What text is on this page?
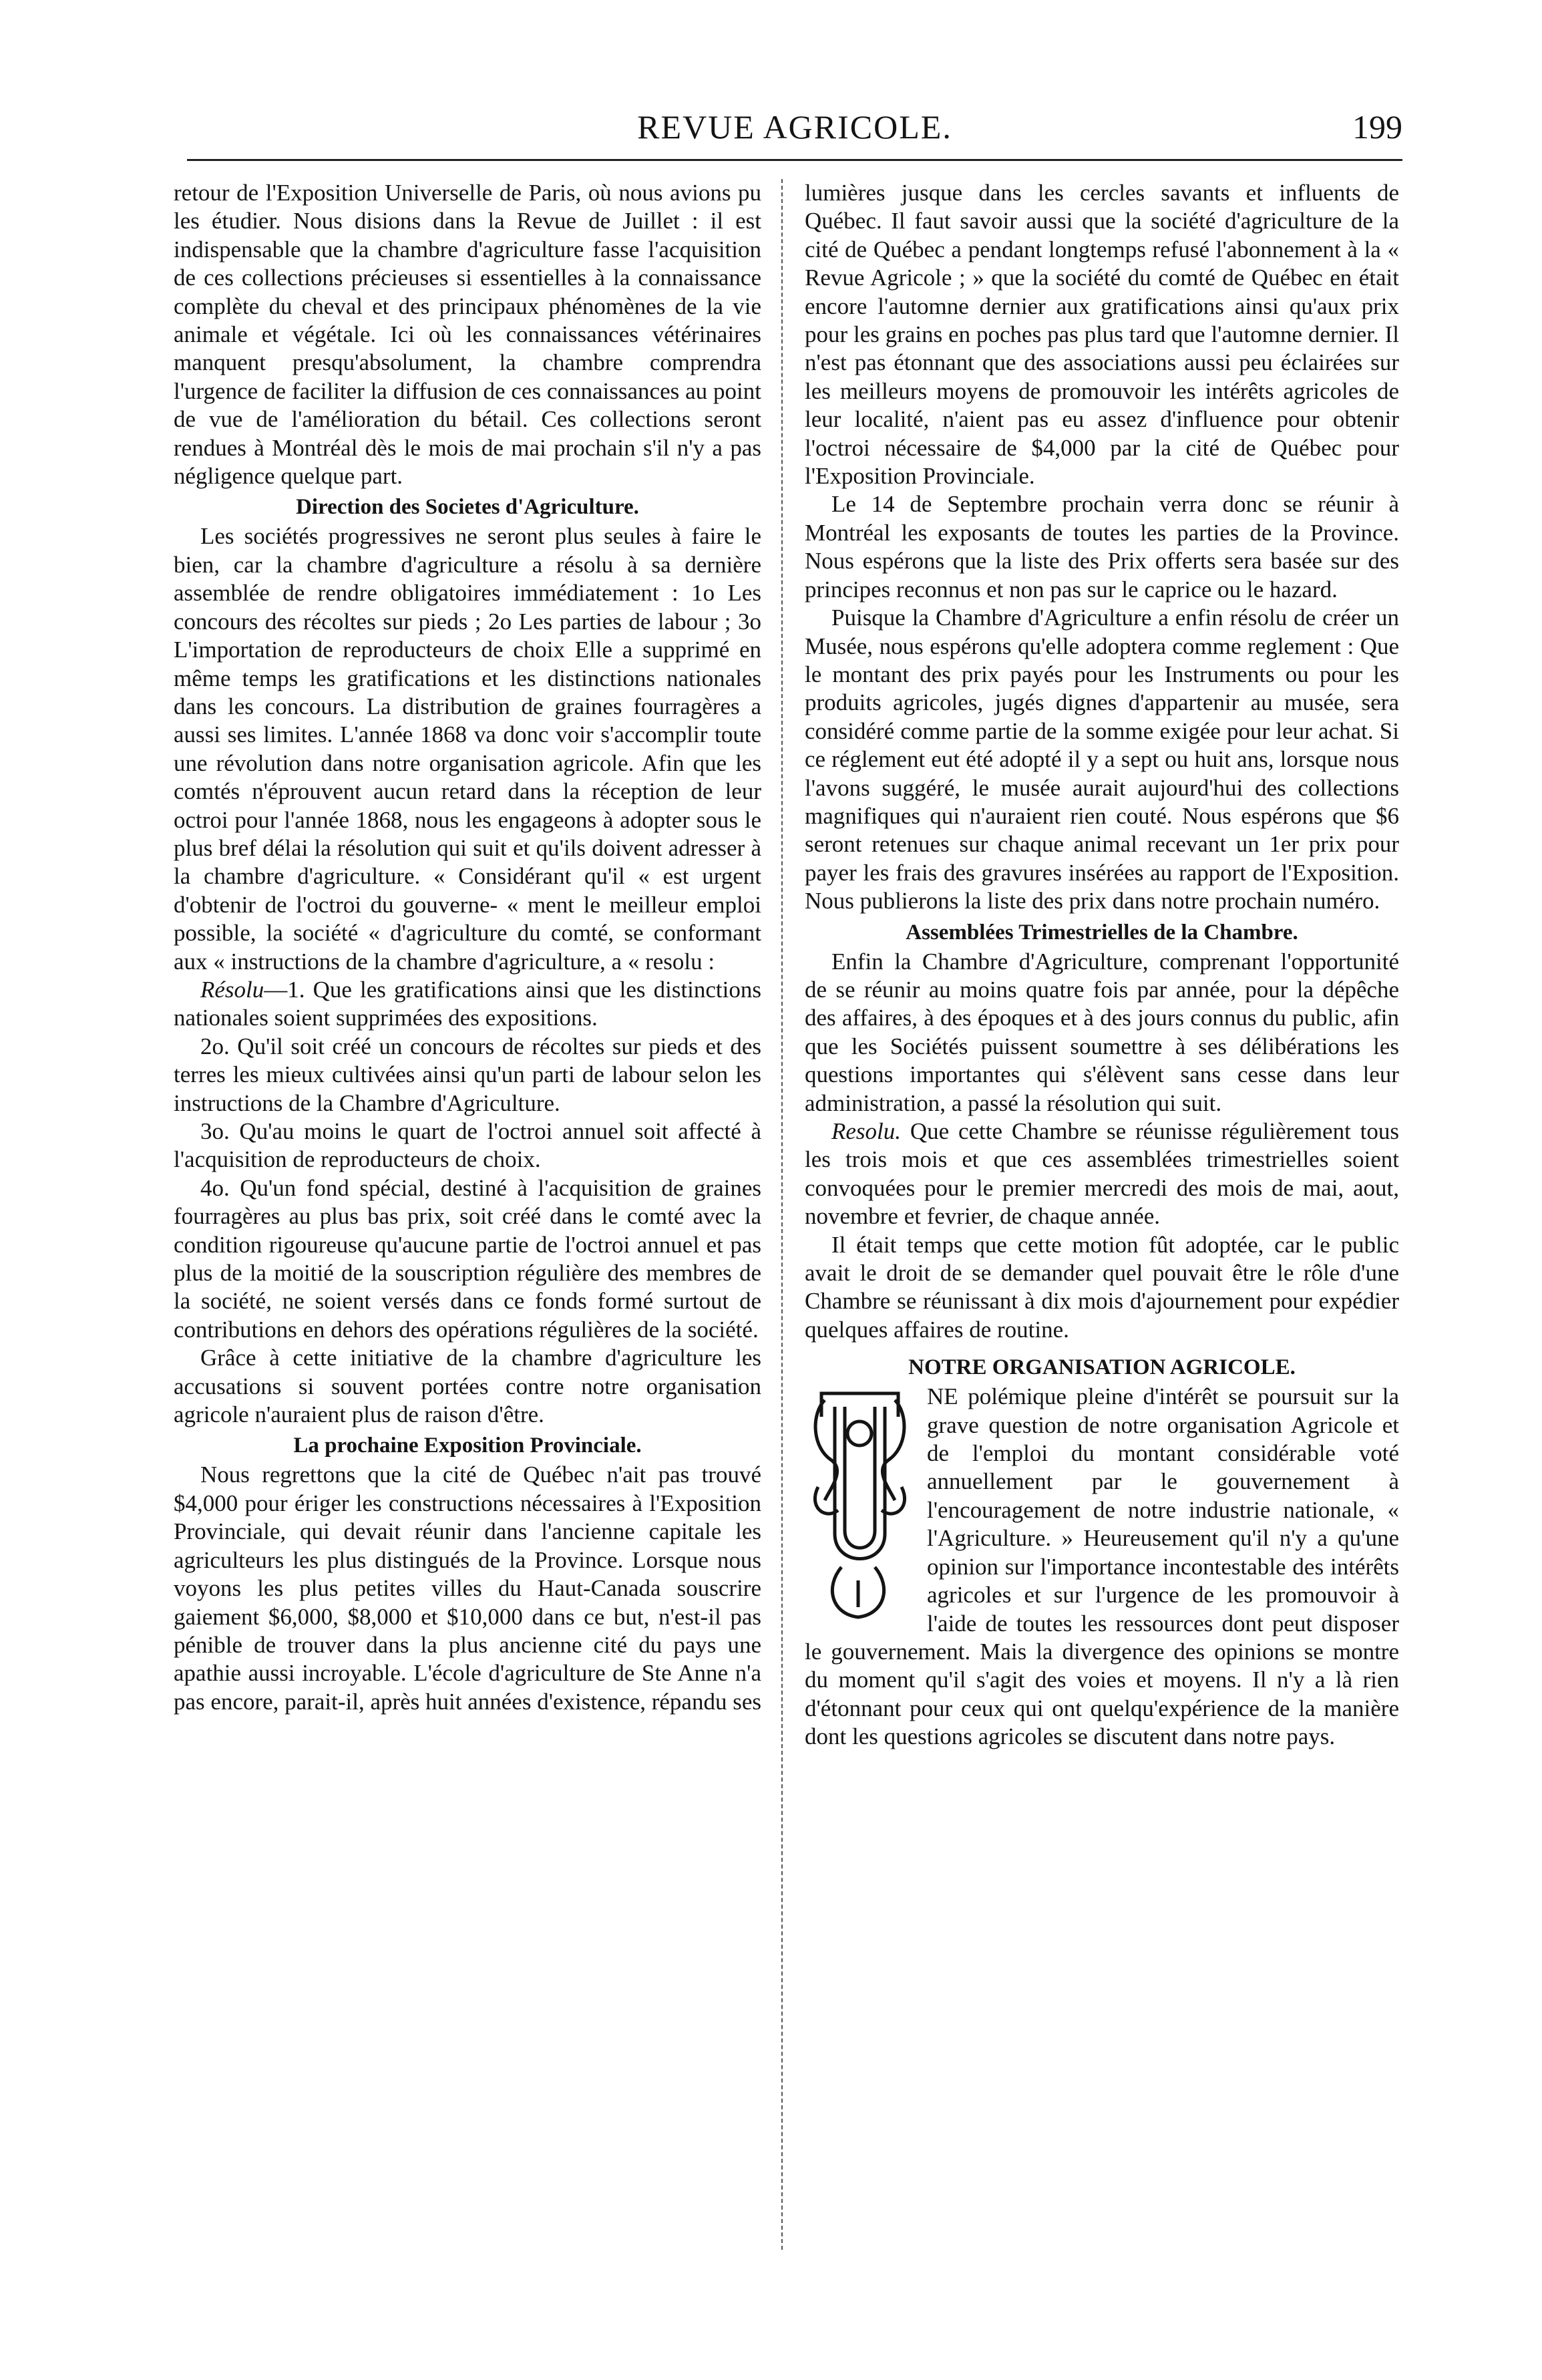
REVUE AGRICOLE.	199

retour de l'Exposition Universelle de Paris, où nous avions pu les étudier. Nous disions dans la Revue de Juillet : il est indispensable que la chambre d'agriculture fasse l'acquisition de ces collections précieuses si essentielles à la connaissance complète du cheval et des principaux phénomènes de la vie animale et végétale. Ici où les connaissances vétérinaires manquent presqu'absolument, la chambre comprendra l'urgence de faciliter la diffusion de ces connaissances au point de vue de l'amélioration du bétail. Ces collections seront rendues à Montréal dès le mois de mai prochain s'il n'y a pas négligence quelque part.

Direction des Societes d'Agriculture.

Les sociétés progressives ne seront plus seules à faire le bien, car la chambre d'agriculture a résolu à sa dernière assemblée de rendre obligatoires immédiatement : 1o Les concours des récoltes sur pieds ; 2o Les parties de labour ; 3o L'importation de reproducteurs de choix Elle a supprimé en même temps les gratifications et les distinctions nationales dans les concours. La distribution de graines fourragères a aussi ses limites. L'année 1868 va donc voir s'accomplir toute une révolution dans notre organisation agricole. Afin que les comtés n'éprouvent aucun retard dans la réception de leur octroi pour l'année 1868, nous les engageons à adopter sous le plus bref délai la résolution qui suit et qu'ils doivent adresser à la chambre d'agriculture. « Considérant qu'il « est urgent d'obtenir de l'octroi du gouverne- « ment le meilleur emploi possible, la société « d'agriculture du comté, se conformant aux « instructions de la chambre d'agriculture, a « resolu :

Résolu—1. Que les gratifications ainsi que les distinctions nationales soient supprimées des expositions.

2o. Qu'il soit créé un concours de récoltes sur pieds et des terres les mieux cultivées ainsi qu'un parti de labour selon les instructions de la Chambre d'Agriculture.

3o. Qu'au moins le quart de l'octroi annuel soit affecté à l'acquisition de reproducteurs de choix.

4o. Qu'un fond spécial, destiné à l'acquisition de graines fourragères au plus bas prix, soit créé dans le comté avec la condition rigoureuse qu'aucune partie de l'octroi annuel et pas plus de la moitié de la souscription régulière des membres de la société, ne soient versés dans ce fonds formé surtout de contributions en dehors des opérations régulières de la société.

Grâce à cette initiative de la chambre d'agriculture les accusations si souvent portées contre notre organisation agricole n'auraient plus de raison d'être.

La prochaine Exposition Provinciale.

Nous regrettons que la cité de Québec n'ait pas trouvé $4,000 pour ériger les constructions nécessaires à l'Exposition Provinciale, qui devait réunir dans l'ancienne capitale les agriculteurs les plus distingués de la Province. Lorsque nous voyons les plus petites villes du Haut-Canada souscrire gaiement $6,000, $8,000 et $10,000 dans ce but, n'est-il pas pénible de trouver dans la plus ancienne cité du pays une apathie aussi incroyable. L'école d'agriculture de Ste Anne n'a pas encore, parait-il, après huit années d'existence, répandu ses

lumières jusque dans les cercles savants et influents de Québec. Il faut savoir aussi que la société d'agriculture de la cité de Québec a pendant longtemps refusé l'abonnement à la « Revue Agricole ; » que la société du comté de Québec en était encore l'automne dernier aux gratifications ainsi qu'aux prix pour les grains en poches pas plus tard que l'automne dernier. Il n'est pas étonnant que des associations aussi peu éclairées sur les meilleurs moyens de promouvoir les intérêts agricoles de leur localité, n'aient pas eu assez d'influence pour obtenir l'octroi nécessaire de $4,000 par la cité de Québec pour l'Exposition Provinciale.

Le 14 de Septembre prochain verra donc se réunir à Montréal les exposants de toutes les parties de la Province. Nous espérons que la liste des Prix offerts sera basée sur des principes reconnus et non pas sur le caprice ou le hazard.

Puisque la Chambre d'Agriculture a enfin résolu de créer un Musée, nous espérons qu'elle adoptera comme reglement : Que le montant des prix payés pour les Instruments ou pour les produits agricoles, jugés dignes d'appartenir au musée, sera considéré comme partie de la somme exigée pour leur achat. Si ce réglement eut été adopté il y a sept ou huit ans, lorsque nous l'avons suggéré, le musée aurait aujourd'hui des collections magnifiques qui n'auraient rien couté. Nous espérons que $6 seront retenues sur chaque animal recevant un 1er prix pour payer les frais des gravures insérées au rapport de l'Exposition. Nous publierons la liste des prix dans notre prochain numéro.

Assemblées Trimestrielles de la Chambre.

Enfin la Chambre d'Agriculture, comprenant l'opportunité de se réunir au moins quatre fois par année, pour la dépêche des affaires, à des époques et à des jours connus du public, afin que les Sociétés puissent soumettre à ses délibérations les questions importantes qui s'élèvent sans cesse dans leur administration, a passé la résolution qui suit.

Resolu. Que cette Chambre se réunisse régulièrement tous les trois mois et que ces assemblées trimestrielles soient convoquées pour le premier mercredi des mois de mai, aout, novembre et fevrier, de chaque année.

Il était temps que cette motion fût adoptée, car le public avait le droit de se demander quel pouvait être le rôle d'une Chambre se réunissant à dix mois d'ajournement pour expédier quelques affaires de routine.

NOTRE ORGANISATION AGRICOLE.

NE polémique pleine d'intérêt se poursuit sur la grave question de notre organisation Agricole et de l'emploi du montant considérable voté annuellement par le gouvernement à l'encouragement de notre industrie nationale, « l'Agriculture. » Heureusement qu'il n'y a qu'une opinion sur l'importance incontestable des intérêts agricoles et sur l'urgence de les promouvoir à l'aide de toutes les ressources dont peut disposer le gouvernement. Mais la divergence des opinions se montre du moment qu'il s'agit des voies et moyens. Il n'y a là rien d'étonnant pour ceux qui ont quelqu'expérience de la manière dont les questions agricoles se discutent dans notre pays.
